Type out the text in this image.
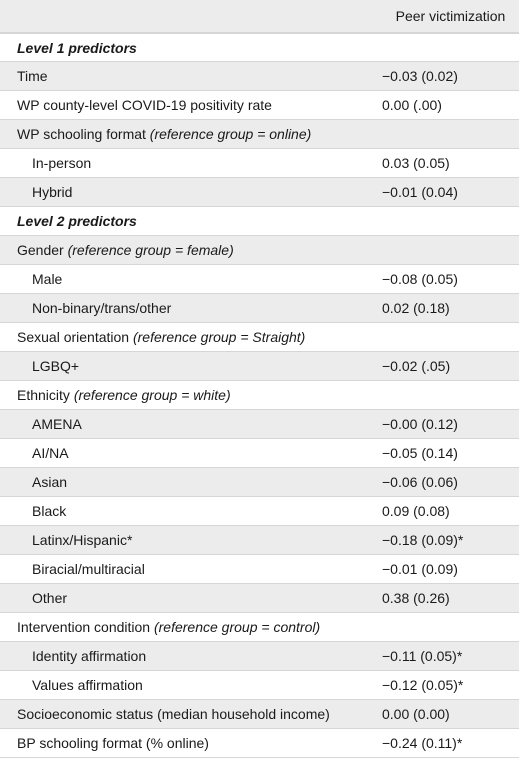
Peer victimization
Level 1 predictors
Time	−0.03 (0.02)
WP county-level COVID-19 positivity rate	0.00 (.00)
WP schooling format (reference group = online)
In-person	0.03 (0.05)
Hybrid	−0.01 (0.04)
Level 2 predictors
Gender (reference group = female)
Male	−0.08 (0.05)
Non-binary/trans/other	0.02 (0.18)
Sexual orientation (reference group = Straight)
LGBQ+	−0.02 (.05)
Ethnicity (reference group = white)
AMENA	−0.00 (0.12)
AI/NA	−0.05 (0.14)
Asian	−0.06 (0.06)
Black	0.09 (0.08)
Latinx/Hispanic*	−0.18 (0.09)*
Biracial/multiracial	−0.01 (0.09)
Other	0.38 (0.26)
Intervention condition (reference group = control)
Identity affirmation	−0.11 (0.05)*
Values affirmation	−0.12 (0.05)*
Socioeconomic status (median household income)	0.00 (0.00)
BP schooling format (% online)	−0.24 (0.11)*
